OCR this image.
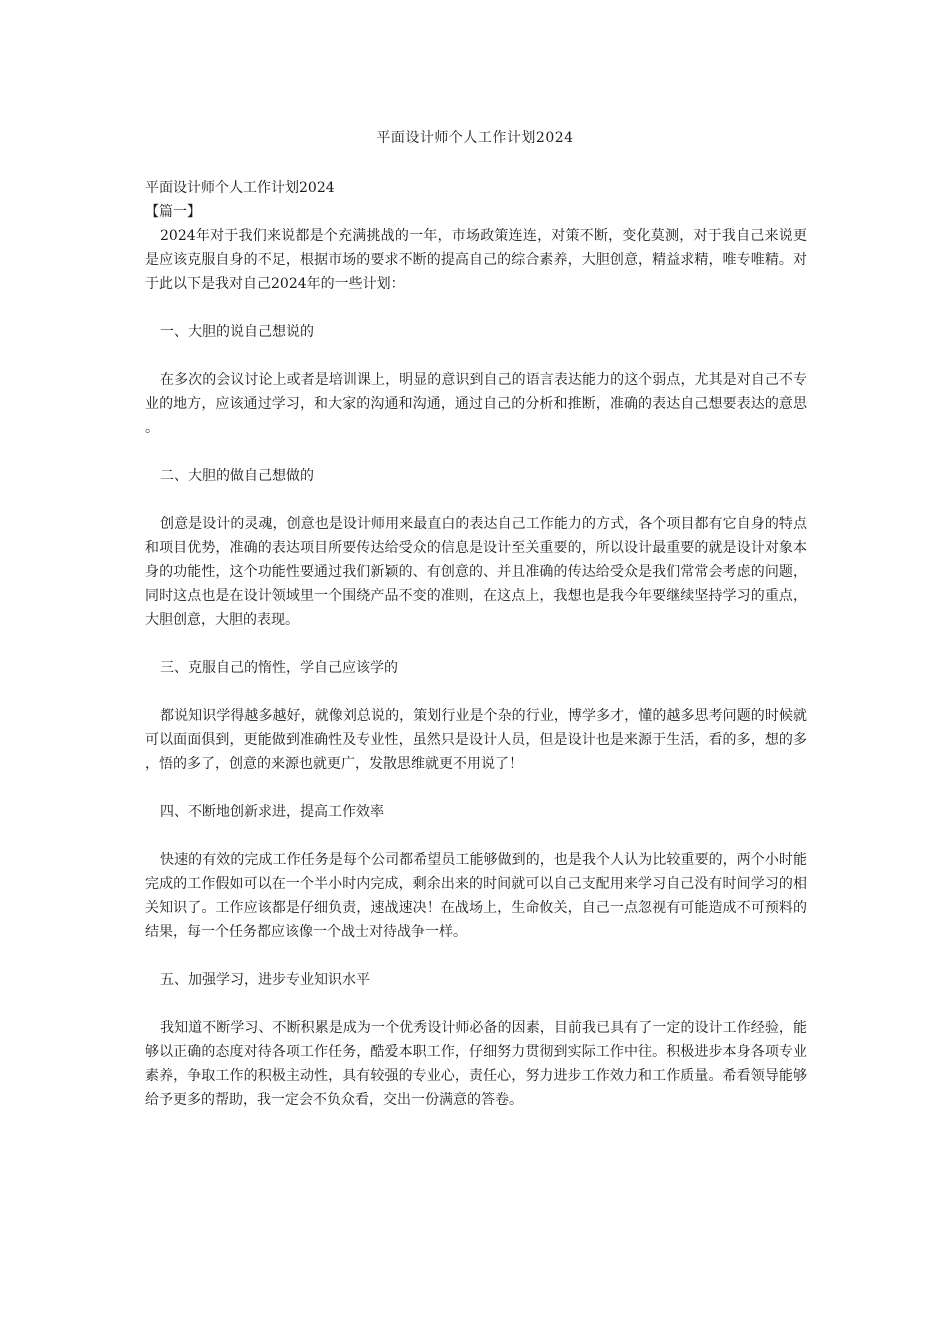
平面设计师个人工作计划2024

平面设计师个人工作计划2024

【篇一】

2024年对于我们来说都是个充满挑战的一年，市场政策连连，对策不断，变化莫测，对于我自己来说更是应该克服自身的不足，根据市场的要求不断的提高自己的综合素养，大胆创意，精益求精，唯专唯精。对于此以下是我对自己2024年的一些计划：

一、大胆的说自己想说的

在多次的会议讨论上或者是培训课上，明显的意识到自己的语言表达能力的这个弱点，尤其是对自己不专业的地方，应该通过学习，和大家的沟通和沟通，通过自己的分析和推断，准确的表达自己想要表达的意思。

二、大胆的做自己想做的

创意是设计的灵魂，创意也是设计师用来最直白的表达自己工作能力的方式，各个项目都有它自身的特点和项目优势，准确的表达项目所要传达给受众的信息是设计至关重要的，所以设计最重要的就是设计对象本身的功能性，这个功能性要通过我们新颖的、有创意的、并且准确的传达给受众是我们常常会考虑的问题，同时这点也是在设计领域里一个围绕产品不变的准则，在这点上，我想也是我今年要继续坚持学习的重点，大胆创意，大胆的表现。

三、克服自己的惰性，学自己应该学的

都说知识学得越多越好，就像刘总说的，策划行业是个杂的行业，博学多才，懂的越多思考问题的时候就可以面面俱到，更能做到准确性及专业性，虽然只是设计人员，但是设计也是来源于生活，看的多，想的多，悟的多了，创意的来源也就更广，发散思维就更不用说了！

四、不断地创新求进，提高工作效率

快速的有效的完成工作任务是每个公司都希望员工能够做到的，也是我个人认为比较重要的，两个小时能完成的工作假如可以在一个半小时内完成，剩余出来的时间就可以自己支配用来学习自己没有时间学习的相关知识了。工作应该都是仔细负责，速战速决！在战场上，生命攸关，自己一点忽视有可能造成不可预料的结果，每一个任务都应该像一个战士对待战争一样。

五、加强学习，进步专业知识水平

我知道不断学习、不断积累是成为一个优秀设计师必备的因素，目前我已具有了一定的设计工作经验，能够以正确的态度对待各项工作任务，酷爱本职工作，仔细努力贯彻到实际工作中往。积极进步本身各项专业素养，争取工作的积极主动性，具有较强的专业心，责任心，努力进步工作效力和工作质量。希看领导能够给予更多的帮助，我一定会不负众看，交出一份满意的答卷。
